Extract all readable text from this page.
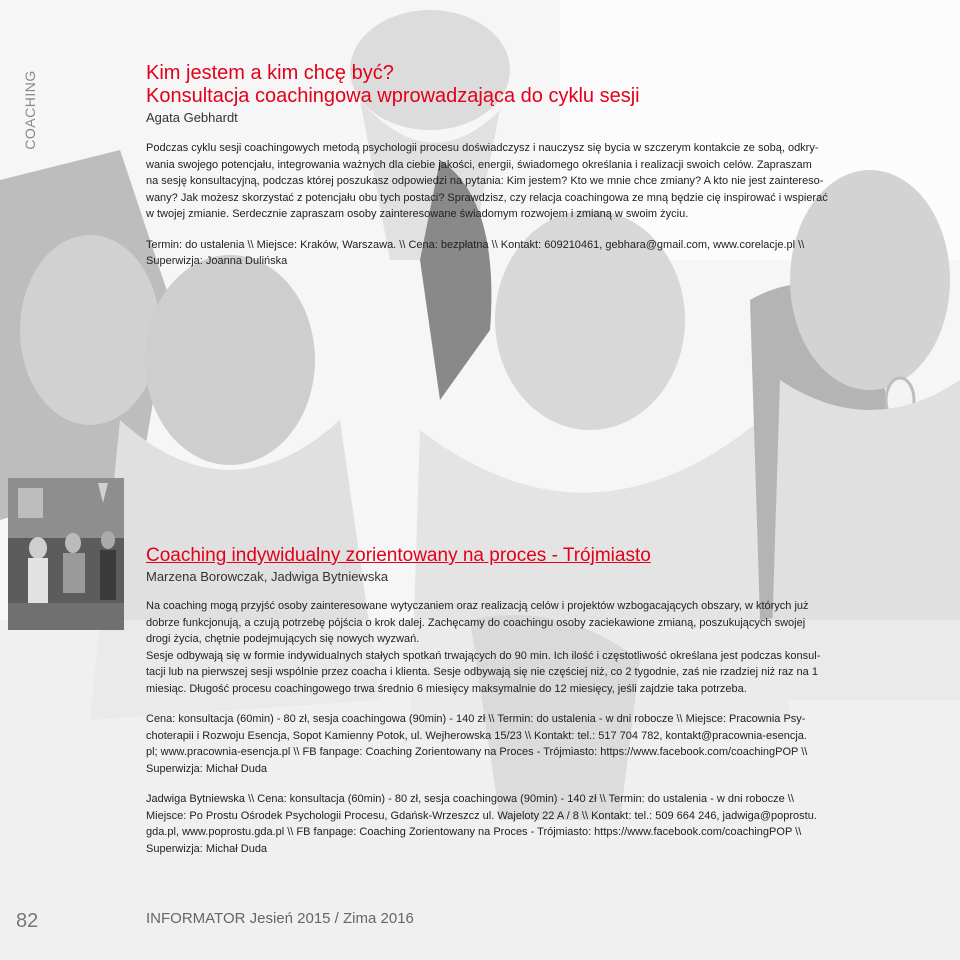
COACHING	Kim jestem a kim chcę być?
Konsultacja coachingowa wprowadzająca do cyklu sesji
Agata Gebhardt
Podczas cyklu sesji coachingowych metodą psychologii procesu doświadczysz i nauczysz się bycia w szczerym kontakcie ze sobą, odkry-
wania swojego potencjału, integrowania ważnych dla ciebie jakości, energii, świadomego określania i realizacji swoich celów. Zapraszam
na sesję konsultacyjną, podczas której poszukasz odpowiedzi na pytania: Kim jestem? Kto we mnie chce zmiany? A kto nie jest zaintereso-
wany? Jak możesz skorzystać z potencjału obu tych postaci? Sprawdzisz, czy relacja coachingowa ze mną będzie cię inspirować i wspierać
w twojej zmianie. Serdecznie zapraszam osoby zainteresowane świadomym rozwojem i zmianą w swoim życiu.
Termin: do ustalenia \\ Miejsce: Kraków, Warszawa. \\ Cena: bezpłatna \\ Kontakt: 609210461, gebhara@gmail.com, www.corelacje.pl \\
Superwizja: Joanna Dulińska
Coaching indywidualny zorientowany na proces - Trójmiasto
Marzena Borowczak, Jadwiga Bytniewska
Na coaching mogą przyjść osoby zainteresowane wytyczaniem oraz realizacją celów i projektów wzbogacających obszary, w których już
dobrze funkcjonują, a czują potrzebę pójścia o krok dalej. Zachęcamy do coachingu osoby zaciekawione zmianą, poszukujących swojej
drogi życia, chętnie podejmujących się nowych wyzwań.
Sesje odbywają się w formie indywidualnych stałych spotkań trwających do 90 min. Ich ilość i częstotliwość określana jest podczas konsul-
tacji lub na pierwszej sesji wspólnie przez coacha i klienta. Sesje odbywają się nie częściej niż, co 2 tygodnie, zaś nie rzadziej niż raz na 1
miesiąc. Długość procesu coachingowego trwa średnio 6 miesięcy maksymalnie do 12 miesięcy, jeśli zajdzie taka potrzeba.
Cena: konsultacja (60min) - 80 zł, sesja coachingowa (90min) - 140 zł \\ Termin: do ustalenia - w dni robocze \\ Miejsce: Pracownia Psy-
choterapii i Rozwoju Esencja, Sopot Kamienny Potok, ul. Wejherowska 15/23 \\ Kontakt: tel.: 517 704 782, kontakt@pracownia-esencja.
pl; www.pracownia-esencja.pl \\ FB fanpage: Coaching Zorientowany na Proces - Trójmiasto: https://www.facebook.com/coachingPOP \\
Superwizja: Michał Duda
Jadwiga Bytniewska \\ Cena: konsultacja (60min) - 80 zł, sesja coachingowa (90min) - 140 zł \\ Termin: do ustalenia - w dni robocze \\
Miejsce: Po Prostu Ośrodek Psychologii Procesu, Gdańsk-Wrzeszcz ul. Wajeloty 22 A / 8 \\ Kontakt: tel.: 509 664 246, jadwiga@poprostu.
gda.pl, www.poprostu.gda.pl \\ FB fanpage: Coaching Zorientowany na Proces - Trójmiasto: https://www.facebook.com/coachingPOP \\
Superwizja: Michał Duda
82	INFORMATOR Jesień 2015 / Zima 2016
